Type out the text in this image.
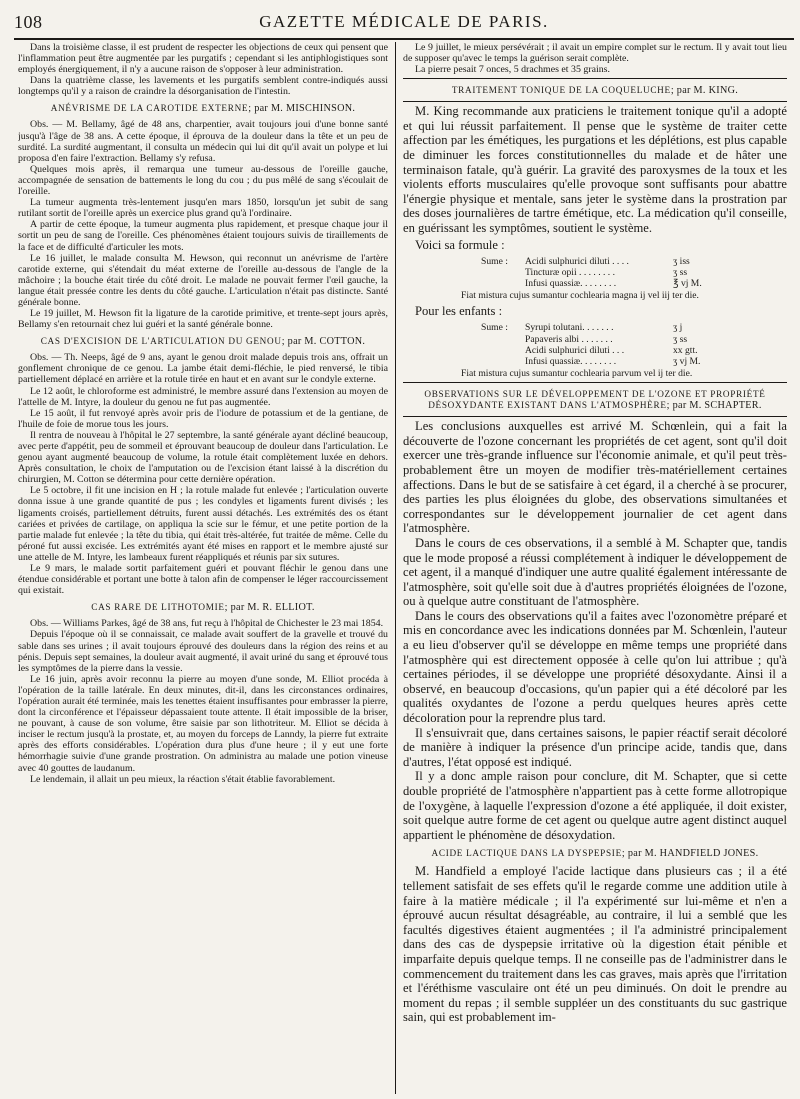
108	GAZETTE MÉDICALE DE PARIS.

Dans la troisième classe, il est prudent de respecter les objections de ceux qui pensent que l'inflammation peut être augmentée par les purgatifs ; cependant si les antiphlogistiques sont employés énergiquement, il n'y a aucune raison de s'opposer à leur administration.

Dans la quatrième classe, les lavements et les purgatifs semblent contre-indiqués aussi longtemps qu'il y a raison de craindre la désorganisation de l'intestin.

ANÉVRISME DE LA CAROTIDE EXTERNE; par M. MISCHINSON.

Obs. — M. Bellamy, âgé de 48 ans, charpentier, avait toujours joui d'une bonne santé jusqu'à l'âge de 38 ans. A cette époque, il éprouva de la douleur dans la tête et un peu de surdité. La surdité augmentant, il consulta un médecin qui lui dit qu'il avait un polype et lui proposa d'en faire l'extraction. Bellamy s'y refusa.

Quelques mois après, il remarqua une tumeur au-dessous de l'oreille gauche, accompagnée de sensation de battements le long du cou ; du pus mêlé de sang s'écoulait de l'oreille.

La tumeur augmenta très-lentement jusqu'en mars 1850, lorsqu'un jet subit de sang rutilant sortit de l'oreille après un exercice plus grand qu'à l'ordinaire.

A partir de cette époque, la tumeur augmenta plus rapidement, et presque chaque jour il sortit un peu de sang de l'oreille. Ces phénomènes étaient toujours suivis de tiraillements de la face et de difficulté d'articuler les mots.

Le 16 juillet, le malade consulta M. Hewson, qui reconnut un anévrisme de l'artère carotide externe, qui s'étendait du méat externe de l'oreille au-dessous de l'angle de la mâchoire ; la bouche était tirée du côté droit. Le malade ne pouvait fermer l'œil gauche, la langue était pressée contre les dents du côté gauche. L'articulation n'était pas distincte. Santé générale bonne.

Le 19 juillet, M. Hewson fit la ligature de la carotide primitive, et trente-sept jours après, Bellamy s'en retournait chez lui guéri et la santé générale bonne.

CAS D'EXCISION DE L'ARTICULATION DU GENOU; par M. COTTON.

Obs. — Th. Neeps, âgé de 9 ans, ayant le genou droit malade depuis trois ans, offrait un gonflement chronique de ce genou. La jambe était demi-fléchie, le pied renversé, le tibia partiellement déplacé en arrière et la rotule tirée en haut et en avant sur le condyle externe.

Le 12 août, le chloroforme est administré, le membre assuré dans l'extension au moyen de l'attelle de M. Intyre, la douleur du genou ne fut pas augmentée.

Le 15 août, il fut renvoyé après avoir pris de l'iodure de potassium et de la gentiane, de l'huile de foie de morue tous les jours.

Il rentra de nouveau à l'hôpital le 27 septembre, la santé générale ayant décliné beaucoup, avec perte d'appétit, peu de sommeil et éprouvant beaucoup de douleur dans l'articulation. Le genou ayant augmenté beaucoup de volume, la rotule était complètement luxée en dehors. Après consultation, le choix de l'amputation ou de l'excision étant laissé à la discrétion du chirurgien, M. Cotton se détermina pour cette dernière opération.

Le 5 octobre, il fit une incision en H ; la rotule malade fut enlevée ; l'articulation ouverte donna issue à une grande quantité de pus ; les condyles et ligaments furent divisés ; les ligaments croisés, partiellement détruits, furent aussi détachés. Les extrémités des os étant cariées et privées de cartilage, on appliqua la scie sur le fémur, et une petite portion de la partie malade fut enlevée ; la tête du tibia, qui était très-altérée, fut traitée de même. Celle du péroné fut aussi excisée. Les extrémités ayant été mises en rapport et le membre ajusté sur une attelle de M. Intyre, les lambeaux furent réappliqués et réunis par six sutures.

Le 9 mars, le malade sortit parfaitement guéri et pouvant fléchir le genou dans une étendue considérable et portant une botte à talon afin de compenser le léger raccourcissement qui existait.

CAS RARE DE LITHOTOMIE; par M. R. ELLIOT.

Obs. — Williams Parkes, âgé de 38 ans, fut reçu à l'hôpital de Chichester le 23 mai 1854.

Depuis l'époque où il se connaissait, ce malade avait souffert de la gravelle et trouvé du sable dans ses urines ; il avait toujours éprouvé des douleurs dans la région des reins et au pénis. Depuis sept semaines, la douleur avait augmenté, il avait uriné du sang et éprouvé tous les symptômes de la pierre dans la vessie.

Le 16 juin, après avoir reconnu la pierre au moyen d'une sonde, M. Elliot procéda à l'opération de la taille latérale. En deux minutes, dit-il, dans les circonstances ordinaires, l'opération aurait été terminée, mais les tenettes étaient insuffisantes pour embrasser la pierre, dont la circonférence et l'épaisseur dépassaient toute attente. Il était impossible de la briser, ne pouvant, à cause de son volume, être saisie par son lithotriteur. M. Elliot se décida à inciser le rectum jusqu'à la prostate, et, au moyen du forceps de Lanndy, la pierre fut extraite après des efforts considérables. L'opération dura plus d'une heure ; il y eut une forte hémorrhagie suivie d'une grande prostration. On administra au malade une potion vineuse avec 40 gouttes de laudanum.

Le lendemain, il allait un peu mieux, la réaction s'était établie favorablement.

Le 9 juillet, le mieux persévérait ; il avait un empire complet sur le rectum. Il y avait tout lieu de supposer qu'avec le temps la guérison serait complète.

La pierre pesait 7 onces, 5 drachmes et 35 grains.

TRAITEMENT TONIQUE DE LA COQUELUCHE; par M. KING.

M. King recommande aux praticiens le traitement tonique qu'il a adopté et qui lui réussit parfaitement. Il pense que le système de traiter cette affection par les émétiques, les purgations et les déplétions, est plus capable de diminuer les forces constitutionnelles du malade et de hâter une terminaison fatale, qu'à guérir. La gravité des paroxysmes de la toux et les violents efforts musculaires qu'elle provoque sont suffisants pour abattre l'énergie physique et mentale, sans jeter le système dans la prostration par des doses journalières de tartre émétique, etc. La médication qu'il conseille, en guérissant les symptômes, soutient le système.

Voici sa formule :
Sume : Acidi sulphurici diluti . . . .	ʒ iss
Tincturæ opii . . . . . . . .	ʒ ss
Infusi quassiæ. . . . . . . .	℥ vj M.
Fiat mistura cujus sumantur cochlearia magna ij vel iij ter die.
Pour les enfants :
Sume : Syrupi tolutani. . . . . . .	ʒ j
Papaveris albi . . . . . . .	ʒ ss
Acidi sulphurici diluti . . .	xx gtt.
Infusi quassiæ. . . . . . . .	ʒ vj M.
Fiat mistura cujus sumantur cochlearia parvum vel ij ter die.
OBSERVATIONS SUR LE DÉVELOPPEMENT DE L'OZONE ET PROPRIÉTÉ DÉSOXYDANTE EXISTANT DANS L'ATMOSPHÈRE; par M. SCHAPTER.

Les conclusions auxquelles est arrivé M. Schœnlein, qui a fait la découverte de l'ozone concernant les propriétés de cet agent, sont qu'il doit exercer une très-grande influence sur l'économie animale, et qu'il peut très-probablement être un moyen de modifier très-matériellement certaines affections. Dans le but de se satisfaire à cet égard, il a cherché à se procurer, des parties les plus éloignées du globe, des observations simultanées et correspondantes sur le développement journalier de cet agent dans l'atmosphère.

Dans le cours de ces observations, il a semblé à M. Schapter que, tandis que le mode proposé a réussi complétement à indiquer le développement de cet agent, il a manqué d'indiquer une autre qualité également intéressante de l'atmosphère, soit qu'elle soit due à d'autres propriétés éloignées de l'ozone, ou à quelque autre constituant de l'atmosphère.

Dans le cours des observations qu'il a faites avec l'ozonomètre préparé et mis en concordance avec les indications données par M. Schœnlein, l'auteur a eu lieu d'observer qu'il se développe en même temps une propriété dans l'atmosphère qui est directement opposée à celle qu'on lui attribue ; qu'à certaines périodes, il se développe une propriété désoxydante. Ainsi il a observé, en beaucoup d'occasions, qu'un papier qui a été décoloré par les qualités oxydantes de l'ozone a perdu quelques heures après cette décoloration pour la reprendre plus tard.

Il s'ensuivrait que, dans certaines saisons, le papier réactif serait décoloré de manière à indiquer la présence d'un principe acide, tandis que, dans d'autres, l'état opposé est indiqué.

Il y a donc ample raison pour conclure, dit M. Schapter, que si cette double propriété de l'atmosphère n'appartient pas à cette forme allotropique de l'oxygène, à laquelle l'expression d'ozone a été appliquée, il doit exister, soit quelque autre forme de cet agent ou quelque autre agent distinct auquel appartient le phénomène de désoxydation.

ACIDE LACTIQUE DANS LA DYSPEPSIE; par M. HANDFIELD JONES.

M. Handfield a employé l'acide lactique dans plusieurs cas ; il a été tellement satisfait de ses effets qu'il le regarde comme une addition utile à faire à la matière médicale ; il l'a expérimenté sur lui-même et n'en a éprouvé aucun résultat désagréable, au contraire, il lui a semblé que les facultés digestives étaient augmentées ; il l'a administré principalement dans des cas de dyspepsie irritative où la digestion était pénible et imparfaite depuis quelque temps. Il ne conseille pas de l'administrer dans le commencement du traitement dans les cas graves, mais après que l'irritation et l'éréthisme vasculaire ont été un peu diminués. On doit le prendre au moment du repas ; il semble suppléer un des constituants du suc gastrique sain, qui est probablement im-
